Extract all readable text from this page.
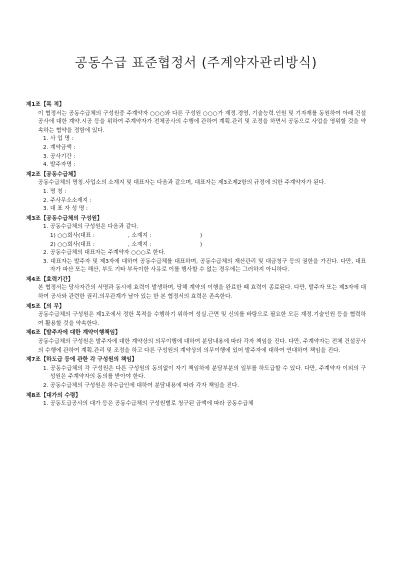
공동수급 표준협정서 (주계약자관리방식)
제1조【목 적】
이 협정서는 공동수급체의 구성원중 주계약자 ○○○와 다른 구성원 ○○○가 재정․경영, 기술능력․인원 및 기자재를 동원하여 아래 건설공사에 대한 계약․시공 등을 위하여 주계약자가 전체공사의 수행에 관하여 계획․관리 및 조정을 하면서 공동으로 사업을 영위할 것을 약속하는 협약을 정함에 있다.
1. 사 업 명 :
2. 계약금액 :
3. 공사기간 :
4. 발주자명 :
제2조【공동수급체】
공동수급체의 명칭․사업소의 소재지 및 대표자는 다음과 같으며, 대표자는 제3조제2항의 규정에 의한 주계약자가 된다.
1. 명 칭 :
2. 주사무소소재지 :
3. 대 표 자 성 명 :
제3조【공동수급체의 구성원】
1. 공동수급체의 구성원은 다음과 같다.
1) ○○회사(대표 :	, 소재지 :	)
2) ○○회사(대표 :	, 소재지 :	)
2. 공동수급체의 대표자는 주계약자 ○○○로 한다.
3. 대표자는 발주자 및 제3자에 대하여 공동수급체를 대표하며, 공동수급체의 재산관리 및 대금청구 등의 권한을 가진다. 다만, 대표자가 파산 또는 해산, 부도 기타 부득이한 사유로 이를 행사할 수 없는 경우에는 그러하지 아니하다.
제4조【효력기간】
본 협정서는 당사자간의 서명과 동시에 효력이 발생하며, 당해 계약의 이행을 완료한 때 효력이 종료된다. 다만, 발주자 또는 제3자에 대하여 공사와 관련한 권리․의무관계가 남아 있는 한 본 협정서의 효력은 존속한다.
제5조【의 무】
공동수급체의 구성원은 제1조에서 정한 목적을 수행하기 위하여 성실․근면 및 신의를 바탕으로 필요한 모든 재정․기술인원 등을 협력하여 활용할 것을 약속한다.
제6조【발주자에 대한 계약이행책임】
공동수급체의 구성원은 발주자에 대한 계약상의 의무이행에 대하여 분담내용에 따라 각자 책임을 진다. 다만, 주계약자는 전체 건설공사의 수행에 관하여 계획․관리 및 조정을 하고 다른 구성원의 계약상의 의무이행에 있어 발주자에 대하여 연대하여 책임을 진다.
제7조【하도급 등에 관한 각 구성원의 책임】
1. 공동수급체의 각 구성원은 다른 구성원의 동의없이 자기 책임하에 분담부분의 일부를 하도급할 수 있다. 다만, 주계약자 이외의 구성원은 주계약자의 동의를 받아야 한다.
2. 공동수급체의 구성원은 하수급인에 대하여 분담내용에 따라 각자 책임을 진다.
제8조【대가의 수령】
1. 공동도급공사의 대가 등은 공동수급체의 구성원별로 청구된 금액에 따라 공동수급체
